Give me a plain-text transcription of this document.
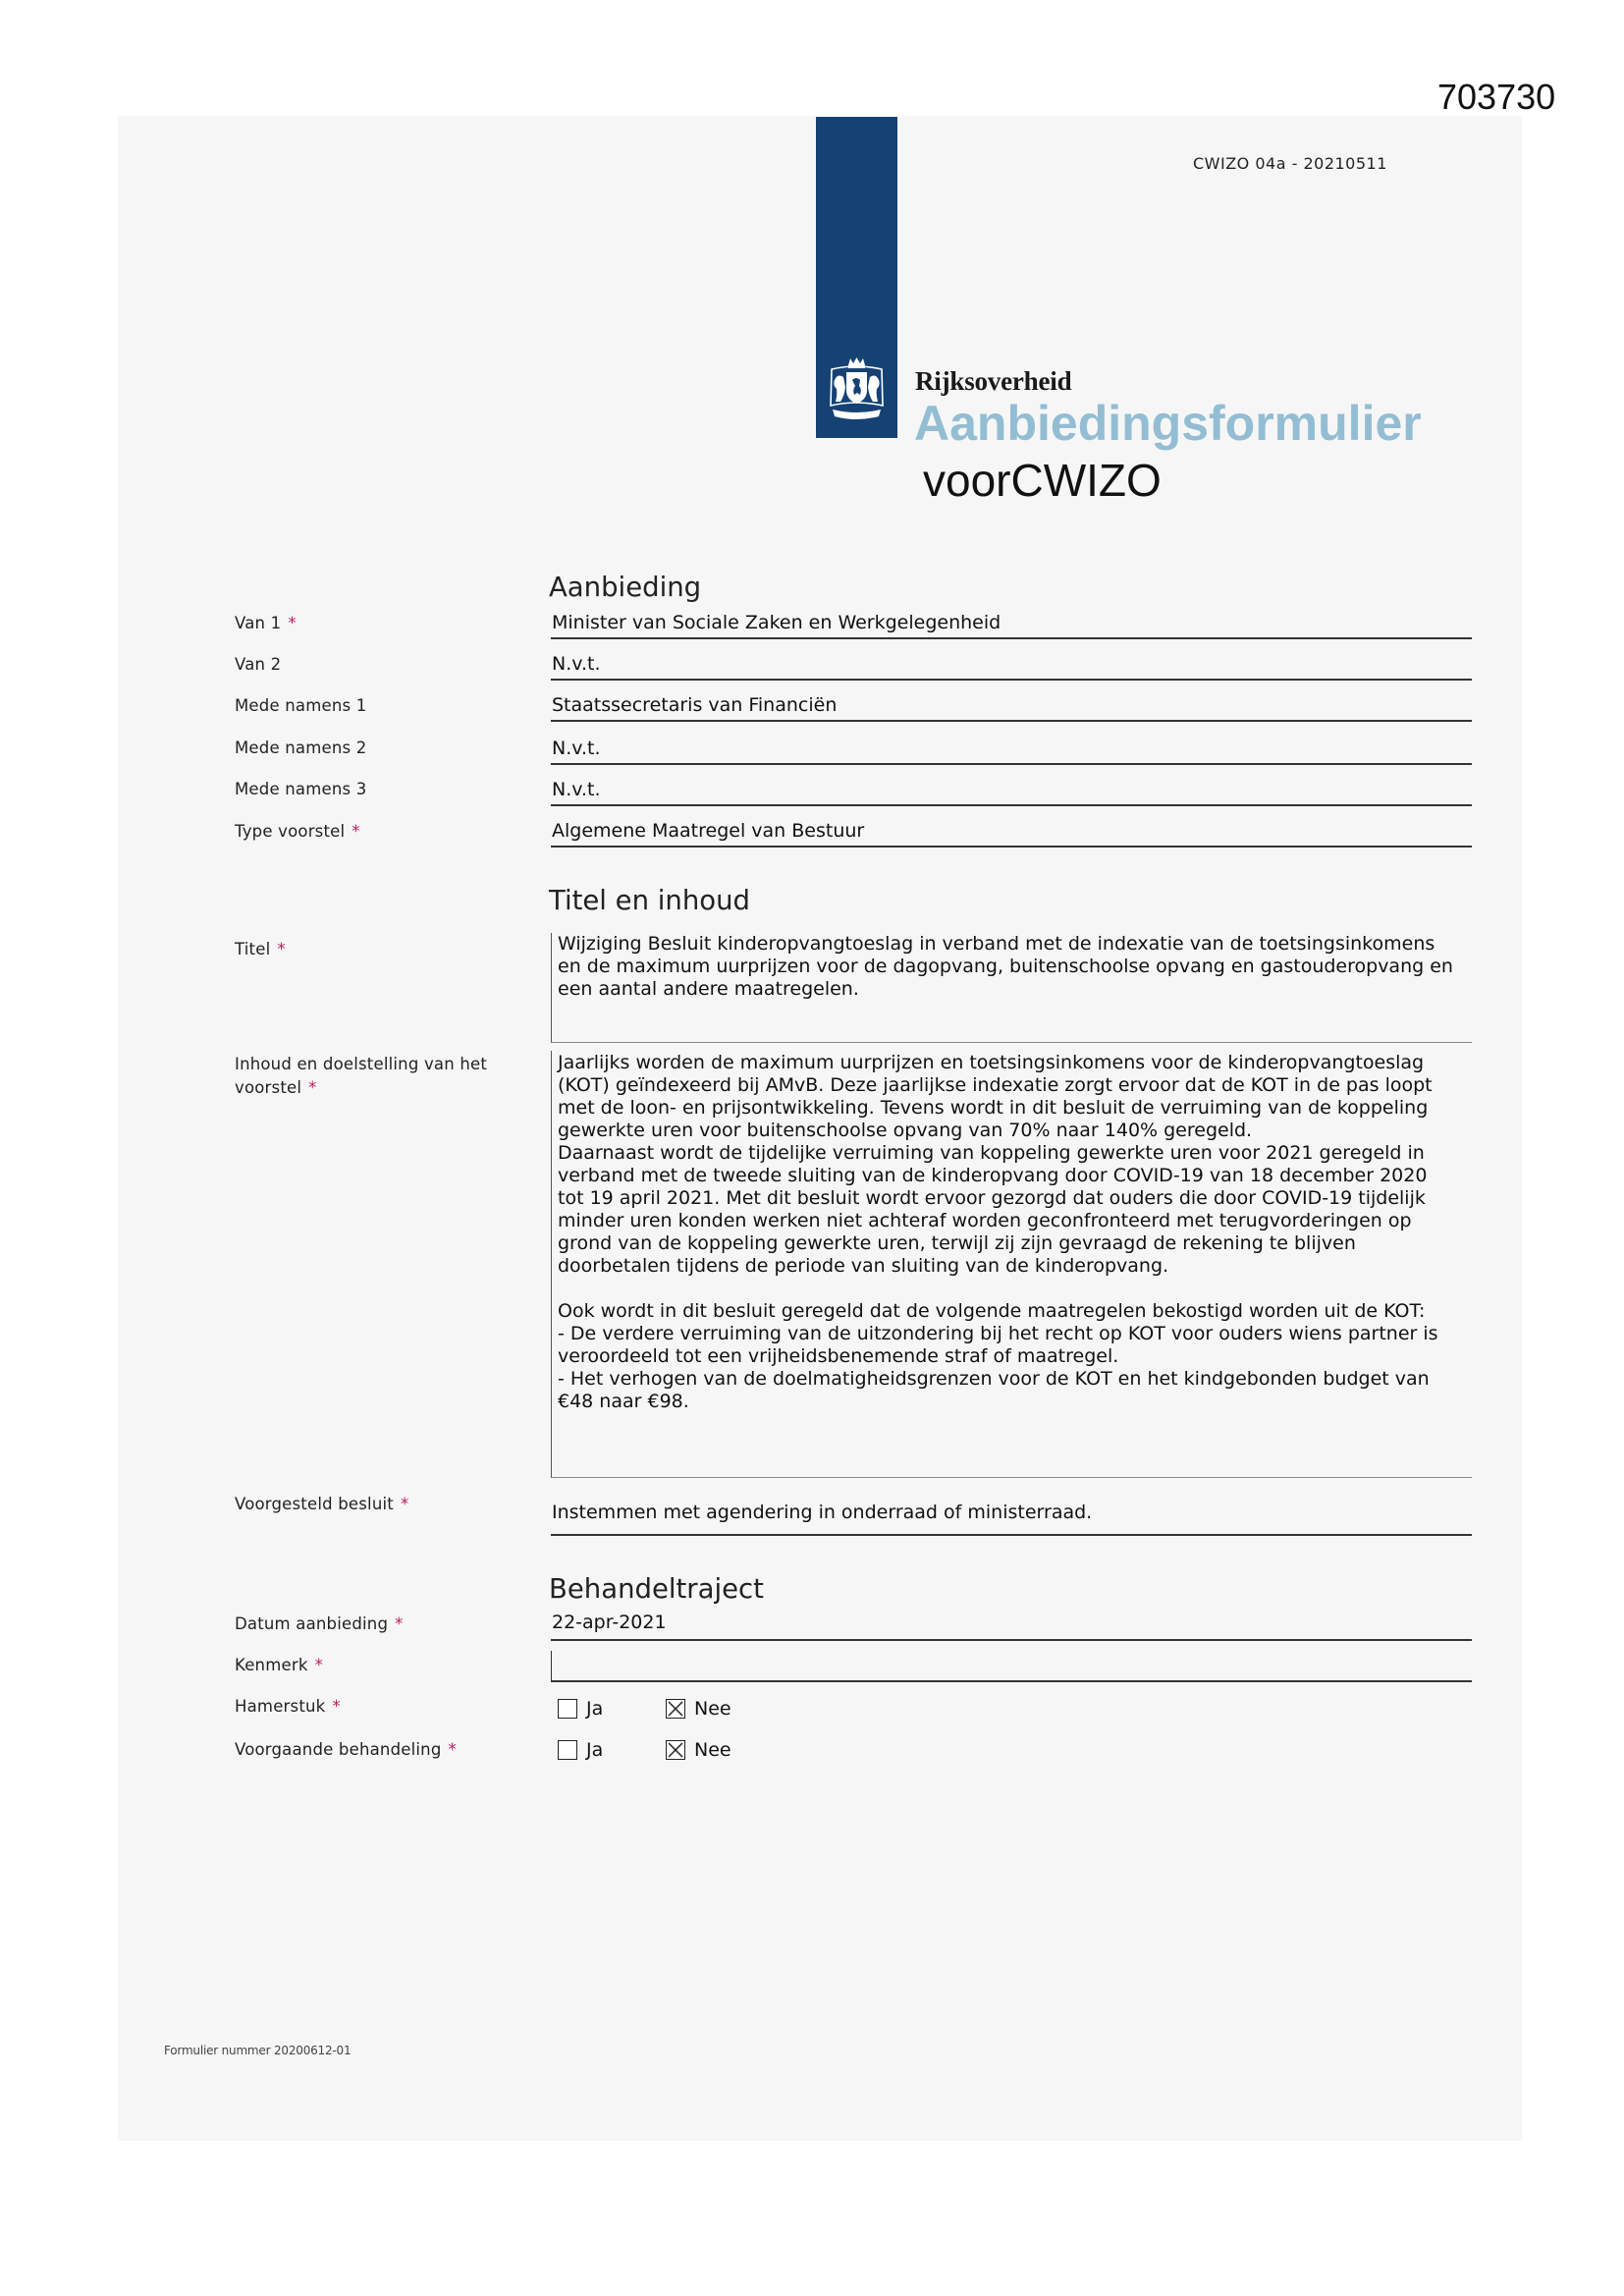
703730
CWIZO 04a - 20210511
Rijksoverheid
Aanbiedingsformulier
voorCWIZO
Aanbieding
Van 1 *	Minister van Sociale Zaken en Werkgelegenheid
Van 2	N.v.t.
Mede namens 1	Staatssecretaris van Financiën
Mede namens 2	N.v.t.
Mede namens 3	N.v.t.
Type voorstel *	Algemene Maatregel van Bestuur
Titel en inhoud
Titel *	Wijziging Besluit kinderopvangtoeslag in verband met de indexatie van de toetsingsinkomens
en de maximum uurprijzen voor de dagopvang, buitenschoolse opvang en gastouderopvang en
een aantal andere maatregelen.
Inhoud en doelstelling van het voorstel *
Jaarlijks worden de maximum uurprijzen en toetsingsinkomens voor de kinderopvangtoeslag
(KOT) geïndexeerd bij AMvB. Deze jaarlijkse indexatie zorgt ervoor dat de KOT in de pas loopt
met de loon- en prijsontwikkeling. Tevens wordt in dit besluit de verruiming van de koppeling
gewerkte uren voor buitenschoolse opvang van 70% naar 140% geregeld.
Daarnaast wordt de tijdelijke verruiming van koppeling gewerkte uren voor 2021 geregeld in
verband met de tweede sluiting van de kinderopvang door COVID-19 van 18 december 2020
tot 19 april 2021. Met dit besluit wordt ervoor gezorgd dat ouders die door COVID-19 tijdelijk
minder uren konden werken niet achteraf worden geconfronteerd met terugvorderingen op
grond van de koppeling gewerkte uren, terwijl zij zijn gevraagd de rekening te blijven
doorbetalen tijdens de periode van sluiting van de kinderopvang.

Ook wordt in dit besluit geregeld dat de volgende maatregelen bekostigd worden uit de KOT:
- De verdere verruiming van de uitzondering bij het recht op KOT voor ouders wiens partner is
veroordeeld tot een vrijheidsbenemende straf of maatregel.
- Het verhogen van de doelmatigheidsgrenzen voor de KOT en het kindgebonden budget van
€48 naar €98.
Voorgesteld besluit *	Instemmen met agendering in onderraad of ministerraad.
Behandeltraject
Datum aanbieding *	22-apr-2021
Kenmerk *
Hamerstuk *	Ja	Nee
Voorgaande behandeling *	Ja	Nee
Formulier nummer 20200612-01
